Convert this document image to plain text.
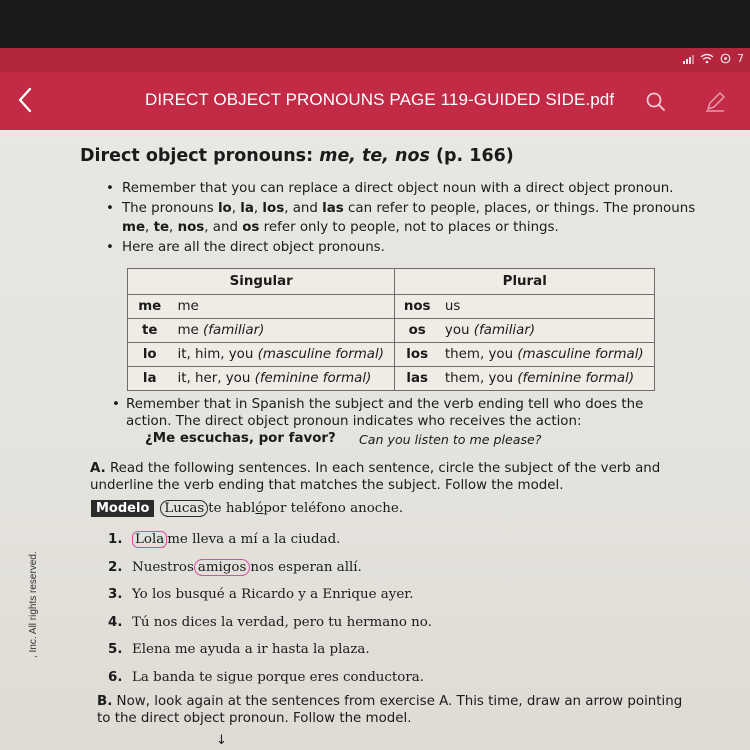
7
DIRECT OBJECT PRONOUNS PAGE 119-GUIDED SIDE.pdf
, Inc. All rights reserved.
Direct object pronouns: me, te, nos (p. 166)
• Remember that you can replace a direct object noun with a direct object pronoun.
• The pronouns lo, la, los, and las can refer to people, places, or things. The pronouns me, te, nos, and os refer only to people, not to places or things.
• Here are all the direct object pronouns.
Singular		Plural	
me	me	nos	us
te	me (familiar)	os	you (familiar)
lo	it, him, you (masculine formal)	los	them, you (masculine formal)
la	it, her, you (feminine formal)	las	them, you (feminine formal)
• Remember that in Spanish the subject and the verb ending tell who does the action. The direct object pronoun indicates who receives the action:
¿Me escuchas, por favor? Can you listen to me please?
A. Read the following sentences. In each sentence, circle the subject of the verb and underline the verb ending that matches the subject. Follow the model.
Modelo	Lucas te habl ó por teléfono anoche.
1. Lola me lleva a mí a la ciudad.
2. Nuestros amigos nos esperan allí.
3. Yo los busqué a Ricardo y a Enrique ayer.
4. Tú nos dices la verdad, pero tu hermano no.
5. Elena me ayuda a ir hasta la plaza.
6. La banda te sigue porque eres conductora.
B. Now, look again at the sentences from exercise A. This time, draw an arrow pointing to the direct object pronoun. Follow the model.
↓
